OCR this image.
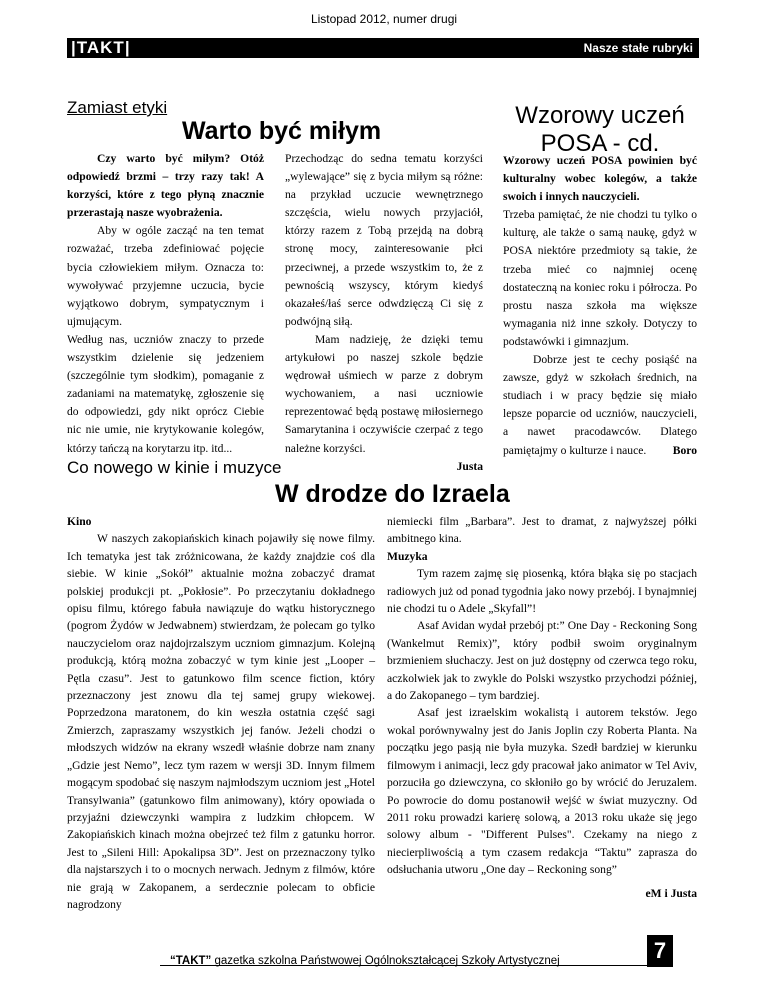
Listopad 2012, numer drugi
|TAKT|	Nasze stałe rubryki
Zamiast etyki
Warto być miłym

Czy warto być miłym? Otóż odpowiedź brzmi – trzy razy tak! A korzyści, które z tego płyną znacznie przerastają nasze wyobrażenia.

Aby w ogóle zacząć na ten temat rozważać, trzeba zdefiniować pojęcie bycia człowiekiem miłym. Oznacza to: wywoływać przyjemne uczucia, bycie wyjątkowo dobrym, sympatycznym i ujmującym.

Według nas, uczniów znaczy to przede wszystkim dzielenie się jedzeniem (szczególnie tym słodkim), pomaganie z zadaniami na matematykę, zgłoszenie się do odpowiedzi, gdy nikt oprócz Ciebie nic nie umie, nie krytykowanie kolegów, którzy tańczą na korytarzu itp. itd...

Przechodząc do sedna tematu korzyści „wylewające” się z bycia miłym są różne: na przykład uczucie wewnętrznego szczęścia, wielu nowych przyjaciół, którzy razem z Tobą przejdą na dobrą stronę mocy, zainteresowanie płci przeciwnej, a przede wszystkim to, że z pewnością wszyscy, którym kiedyś okazałeś/łaś serce odwdzięczą Ci się z podwójną siłą.

Mam nadzieję, że dzięki temu artykułowi po naszej szkole będzie wędrował uśmiech w parze z dobrym wychowaniem, a nasi uczniowie reprezentować będą postawę miłosiernego Samarytanina i oczywiście czerpać z tego należne korzyści.

Justa

Wzorowy uczeń
POSA - cd.

Wzorowy uczeń POSA powinien być kulturalny wobec kolegów, a także swoich i innych nauczycieli.

Trzeba pamiętać, że nie chodzi tu tylko o kulturę, ale także o samą naukę, gdyż w POSA niektóre przedmioty są takie, że trzeba mieć co najmniej ocenę dostateczną na koniec roku i półrocza. Po prostu nasza szkoła ma większe wymagania niż inne szkoły. Dotyczy to podstawówki i gimnazjum.

Dobrze jest te cechy posiąść na zawsze, gdyż w szkołach średnich, na studiach i w pracy będzie się miało lepsze poparcie od uczniów, nauczycieli, a nawet pracodawców. Dlatego pamiętajmy o kulturze i nauce.	Boro

Co nowego w kinie i muzyce
W drodze do Izraela

Kino

W naszych zakopiańskich kinach pojawiły się nowe filmy. Ich tematyka jest tak zróżnicowana, że każdy znajdzie coś dla siebie. W kinie „Sokół” aktualnie można zobaczyć dramat polskiej produkcji pt. „Pokłosie”. Po przeczytaniu dokładnego opisu filmu, którego fabuła nawiązuje do wątku historycznego (pogrom Żydów w Jedwabnem) stwierdzam, że polecam go tylko nauczycielom oraz najdojrzalszym uczniom gimnazjum. Kolejną produkcją, którą można zobaczyć w tym kinie jest „Looper – Pętla czasu”. Jest to gatunkowo film scence fiction, który przeznaczony jest znowu dla tej samej grupy wiekowej. Poprzedzona maratonem, do kin weszła ostatnia część sagi Zmierzch, zapraszamy wszystkich jej fanów. Jeżeli chodzi o młodszych widzów na ekrany wszedł właśnie dobrze nam znany „Gdzie jest Nemo”, lecz tym razem w wersji 3D. Innym filmem mogącym spodobać się naszym najmłodszym uczniom jest „Hotel Transylwania” (gatunkowo film animowany), który opowiada o przyjaźni dziewczynki wampira z ludzkim chłopcem. W Zakopiańskich kinach można obejrzeć też film z gatunku horror. Jest to „Sileni Hill: Apokalipsa 3D”. Jest on przeznaczony tylko dla najstarszych i to o mocnych nerwach. Jednym z filmów, które nie grają w Zakopanem, a serdecznie polecam to obficie nagrodzony

niemiecki film „Barbara”. Jest to dramat, z najwyższej półki ambitnego kina.

Muzyka

Tym razem zajmę się piosenką, która błąka się po stacjach radiowych już od ponad tygodnia jako nowy przebój. I bynajmniej nie chodzi tu o Adele „Skyfall”!

Asaf Avidan wydał przebój pt:” One Day - Reckoning Song (Wankelmut Remix)”, który podbił swoim oryginalnym brzmieniem słuchaczy. Jest on już dostępny od czerwca tego roku, aczkolwiek jak to zwykle do Polski wszystko przychodzi później, a do Zakopanego – tym bardziej.

Asaf jest izraelskim wokalistą i autorem tekstów. Jego wokal porównywalny jest do Janis Joplin czy Roberta Planta. Na początku jego pasją nie była muzyka. Szedł bardziej w kierunku filmowym i animacji, lecz gdy pracował jako animator w Tel Aviv, porzuciła go dziewczyna, co skłoniło go by wrócić do Jeruzalem. Po powrocie do domu postanowił wejść w świat muzyczny. Od 2011 roku prowadzi karierę solową, a 2013 roku ukaże się jego solowy album - "Different Pulses". Czekamy na niego z niecierpliwością a tym czasem redakcja “Taktu” zaprasza do odsłuchania utworu „One day – Reckoning song”

eM i Justa

“TAKT” gazetka szkolna Państwowej Ogólnokształcącej Szkoły Artystycznej	7
